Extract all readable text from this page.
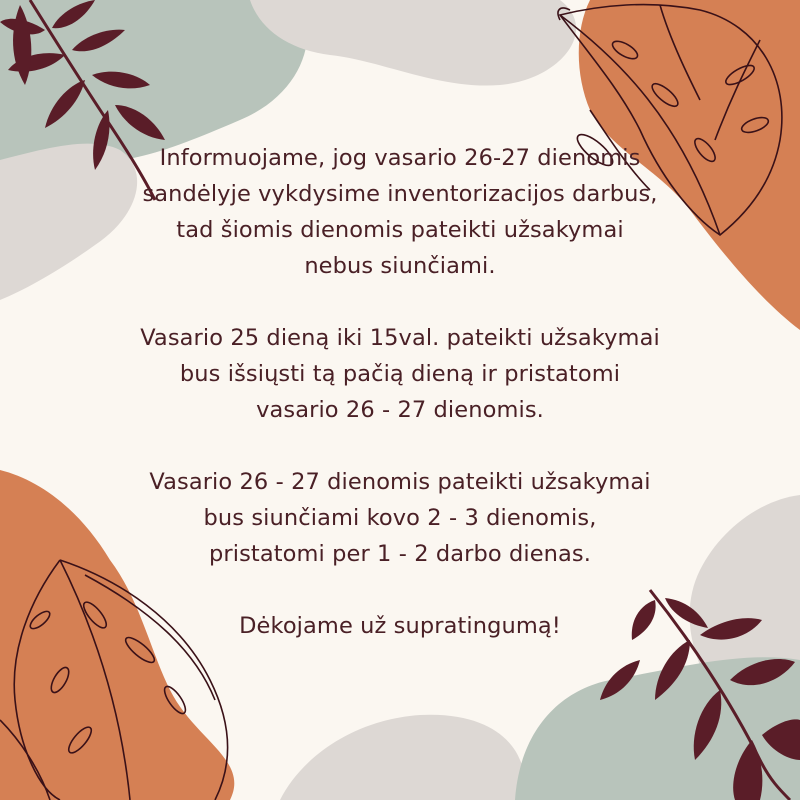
Informuojame, jog vasario 26-27 dienomis
sandėlyje vykdysime inventorizacijos darbus,
tad šiomis dienomis pateikti užsakymai
nebus siunčiami.

Vasario 25 dieną iki 15val. pateikti užsakymai
bus išsiųsti tą pačią dieną ir pristatomi
vasario 26 - 27 dienomis.

Vasario 26 - 27 dienomis pateikti užsakymai
bus siunčiami kovo 2 - 3 dienomis,
pristatomi per 1 - 2 darbo dienas.

Dėkojame už supratingumą!
